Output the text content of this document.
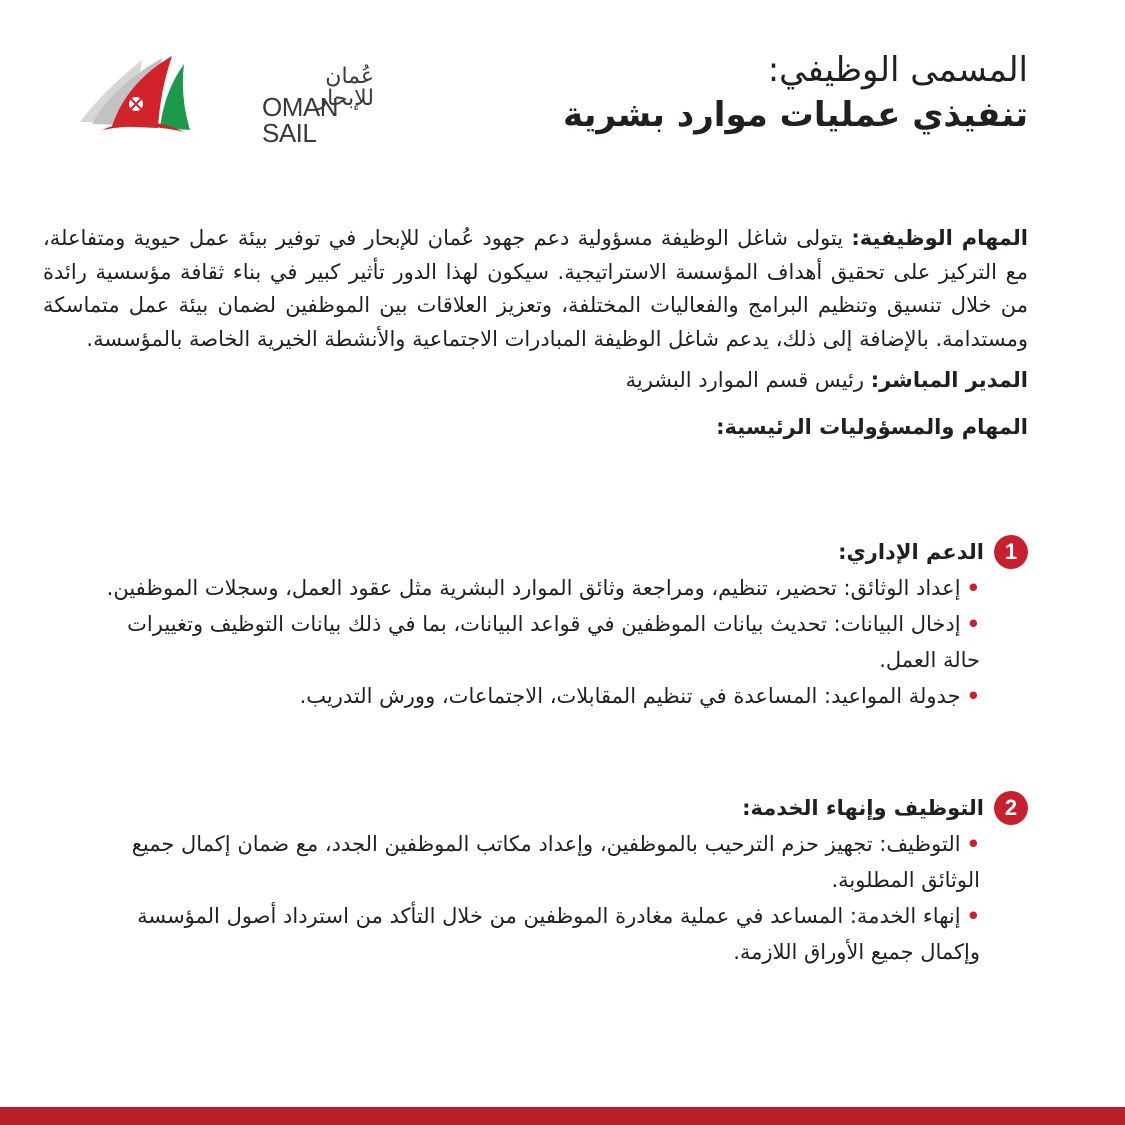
عُمان للإبحار
OMAN SAIL

المسمى الوظيفي:

تنفيذي عمليات موارد بشرية

المهام الوظيفية: يتولى شاغل الوظيفة مسؤولية دعم جهود عُمان للإبحار في توفير بيئة عمل حيوية ومتفاعلة، مع التركيز على تحقيق أهداف المؤسسة الاستراتيجية. سيكون لهذا الدور تأثير كبير في بناء ثقافة مؤسسية رائدة من خلال تنسيق وتنظيم البرامج والفعاليات المختلفة، وتعزيز العلاقات بين الموظفين لضمان بيئة عمل متماسكة ومستدامة. بالإضافة إلى ذلك، يدعم شاغل الوظيفة المبادرات الاجتماعية والأنشطة الخيرية الخاصة بالمؤسسة.

المدير المباشر: رئيس قسم الموارد البشرية

المهام والمسؤوليات الرئيسية:

1
الدعم الإداري:
•إعداد الوثائق: تحضير، تنظيم، ومراجعة وثائق الموارد البشرية مثل عقود العمل، وسجلات الموظفين.
•إدخال البيانات: تحديث بيانات الموظفين في قواعد البيانات، بما في ذلك بيانات التوظيف وتغييرات حالة العمل.
•جدولة المواعيد: المساعدة في تنظيم المقابلات، الاجتماعات، وورش التدريب.
2
التوظيف وإنهاء الخدمة:
•التوظيف: تجهيز حزم الترحيب بالموظفين، وإعداد مكاتب الموظفين الجدد، مع ضمان إكمال جميع الوثائق المطلوبة.
•إنهاء الخدمة: المساعد في عملية مغادرة الموظفين من خلال التأكد من استرداد أصول المؤسسة وإكمال جميع الأوراق اللازمة.
